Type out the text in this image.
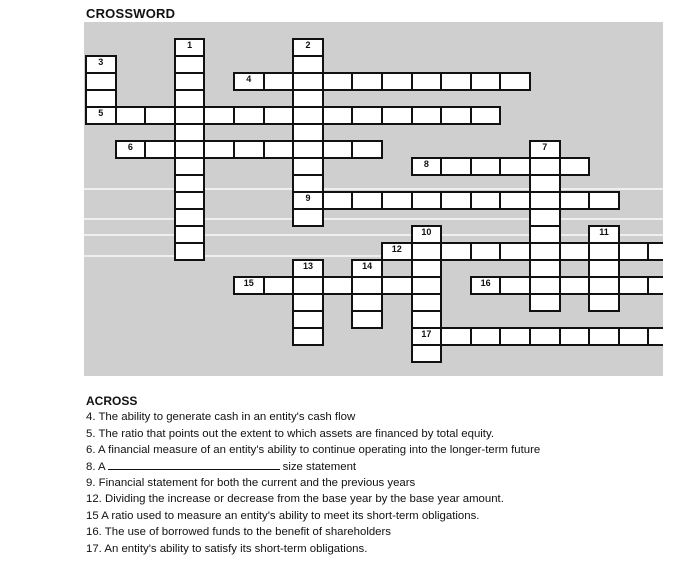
CROSSWORD
1	2
9
3
5
4
6	7
8
10
17
11
12
13	14
15	16
ACROSS
4. The ability to generate cash in an entity's cash flow
5. The ratio that points out the extent to which assets are financed by total equity.
6. A financial measure of an entity's ability to continue operating into the longer-term future
8. A	size statement
9. Financial statement for both the current and the previous years
12. Dividing the increase or decrease from the base year by the base year amount.
15 A ratio used to measure an entity's ability to meet its short-term obligations.
16. The use of borrowed funds to the benefit of shareholders
17. An entity's ability to satisfy its short-term obligations.
